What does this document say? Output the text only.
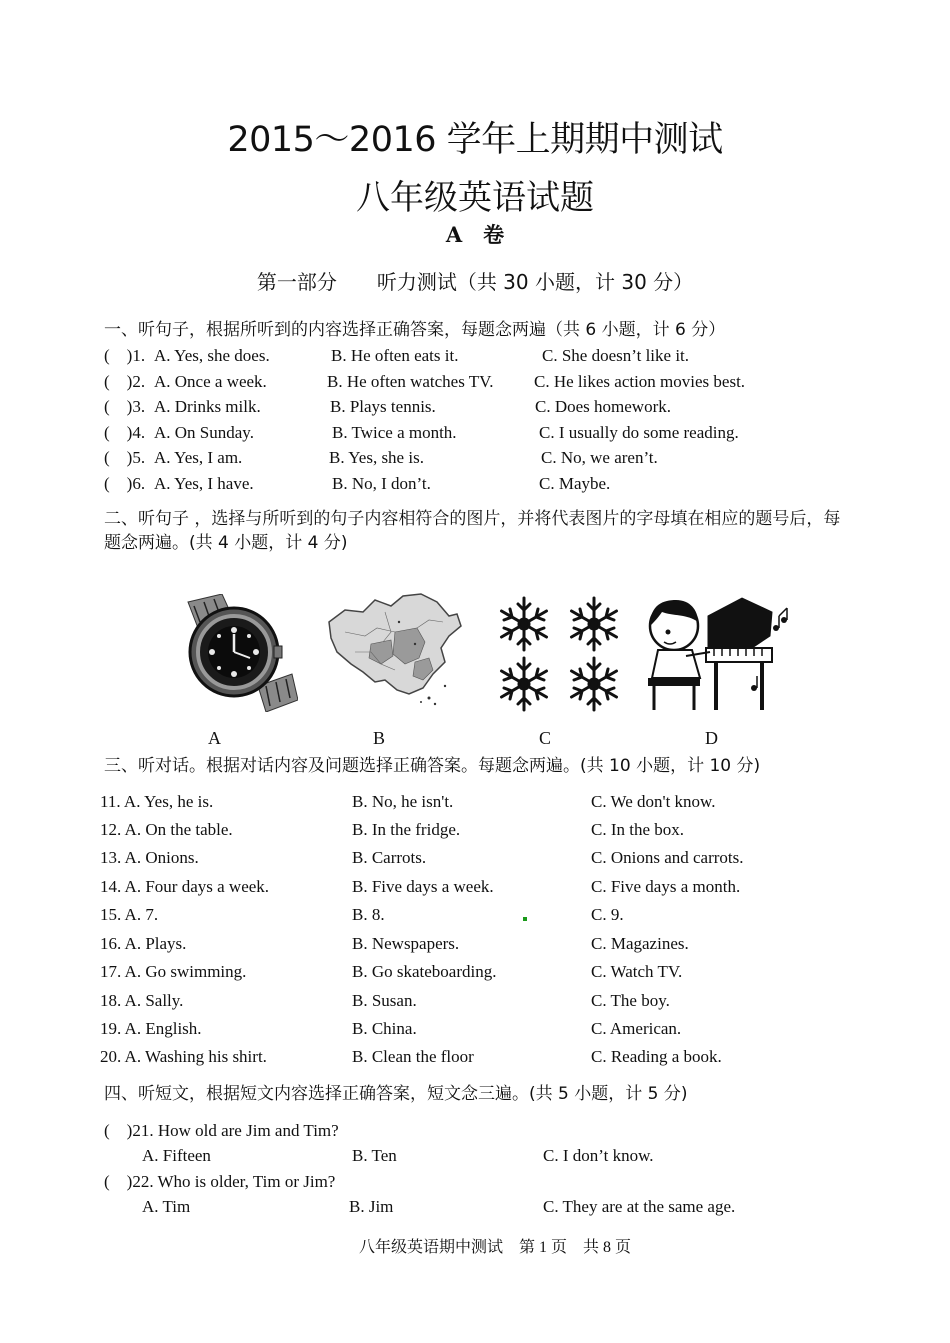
2015～2016 学年上期期中测试
八年级英语试题
A　卷
第一部分　　听力测试（共 30 小题，计 30 分）
一、听句子，根据所听到的内容选择正确答案，每题念两遍（共 6 小题，计 6 分）
(　)1. A. Yes, she does.	B. He often eats it.	C. She doesn’t like it.
(　)2. A. Once a week.	B. He often watches TV. C. He likes action movies best.
(　)3. A. Drinks milk.	B. Plays tennis.	C. Does homework.
(　)4. A. On Sunday.	B. Twice a month.	C. I usually do some reading.
(　)5. A. Yes, I am.	B. Yes, she is.	C. No, we aren’t.
(　)6. A. Yes, I have.	B. No, I don’t.	C. Maybe.
二、听句子 ，选择与所听到的句子内容相符合的图片，并将代表图片的字母填在相应的题号后，每题念两遍。(共 4 小题，计 4 分)
A	B	C	D
三、听对话。根据对话内容及问题选择正确答案。每题念两遍。(共 10 小题，计 10 分)
11. A. Yes, he is.	B. No, he isn't.	C. We don't know.
12. A. On the table.	B. In the fridge.	C. In the box.
13. A. Onions.	B. Carrots.	C. Onions and carrots.
14. A. Four days a week.	B. Five days a week.	C. Five days a month.
15. A. 7.	B. 8.	C. 9.
16. A. Plays.	B. Newspapers.	C. Magazines.
17. A. Go swimming.	B. Go skateboarding.	C. Watch TV.
18. A. Sally.	B. Susan.	C. The boy.
19. A. English.	B. China.	C. American.
20. A. Washing his shirt.	B. Clean the floor	C. Reading a book.
四、听短文，根据短文内容选择正确答案，短文念三遍。(共 5 小题，计 5 分)
(　)21. How old are Jim and Tim?
A. Fifteen	B. Ten	C. I don’t know.
(　)22. Who is older, Tim or Jim?
A. Tim	B. Jim	C. They are at the same age.
八年级英语期中测试　第 1 页　共 8 页
